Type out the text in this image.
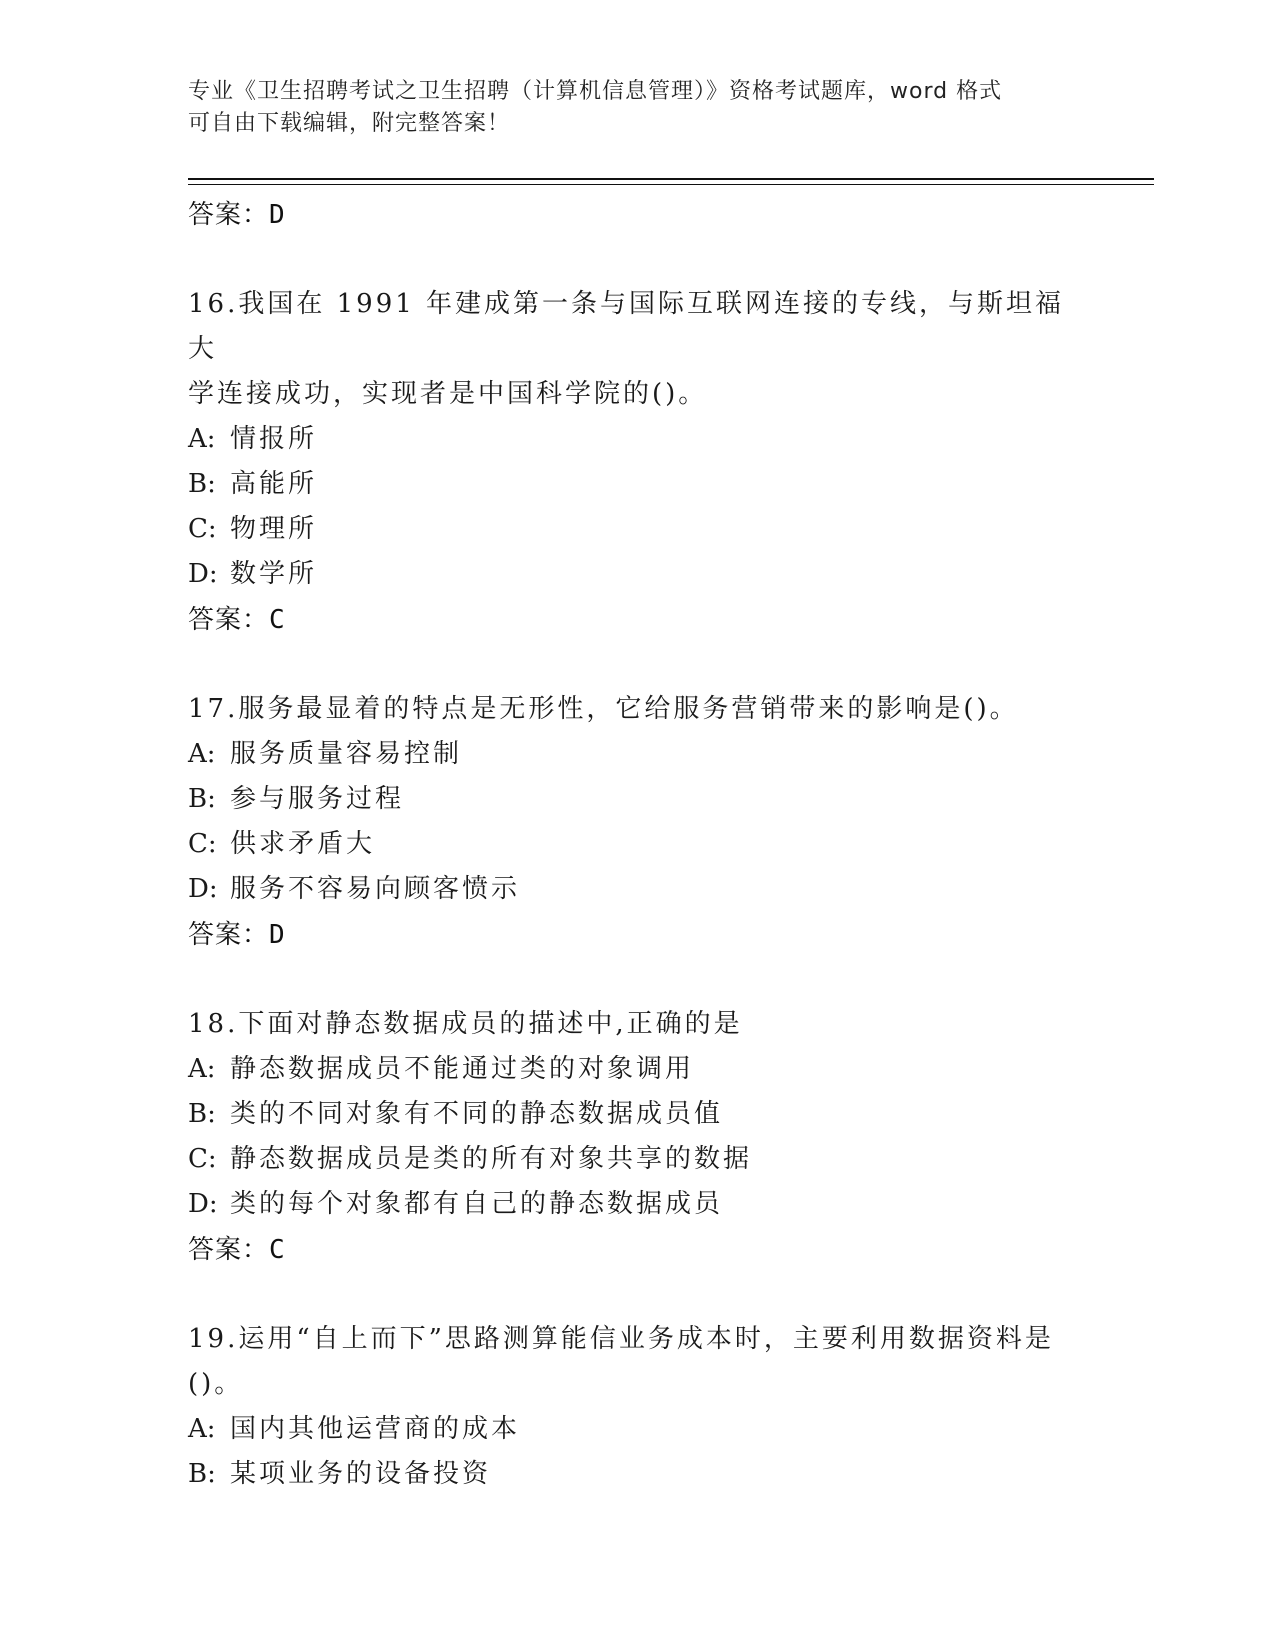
专业《卫生招聘考试之卫生招聘（计算机信息管理）》资格考试题库，word 格式
可自由下载编辑，附完整答案！
答案：D
16.我国在 1991 年建成第一条与国际互联网连接的专线，与斯坦福大
学连接成功，实现者是中国科学院的()。
A: 情报所
B: 高能所
C: 物理所
D: 数学所
答案：C
17.服务最显着的特点是无形性，它给服务营销带来的影响是()。
A: 服务质量容易控制
B: 参与服务过程
C: 供求矛盾大
D: 服务不容易向顾客愤示
答案：D
18.下面对静态数据成员的描述中,正确的是
A: 静态数据成员不能通过类的对象调用
B: 类的不同对象有不同的静态数据成员值
C: 静态数据成员是类的所有对象共享的数据
D: 类的每个对象都有自己的静态数据成员
答案：C
19.运用“自上而下”思路测算能信业务成本时，主要利用数据资料是
()。
A: 国内其他运营商的成本
B: 某项业务的设备投资
